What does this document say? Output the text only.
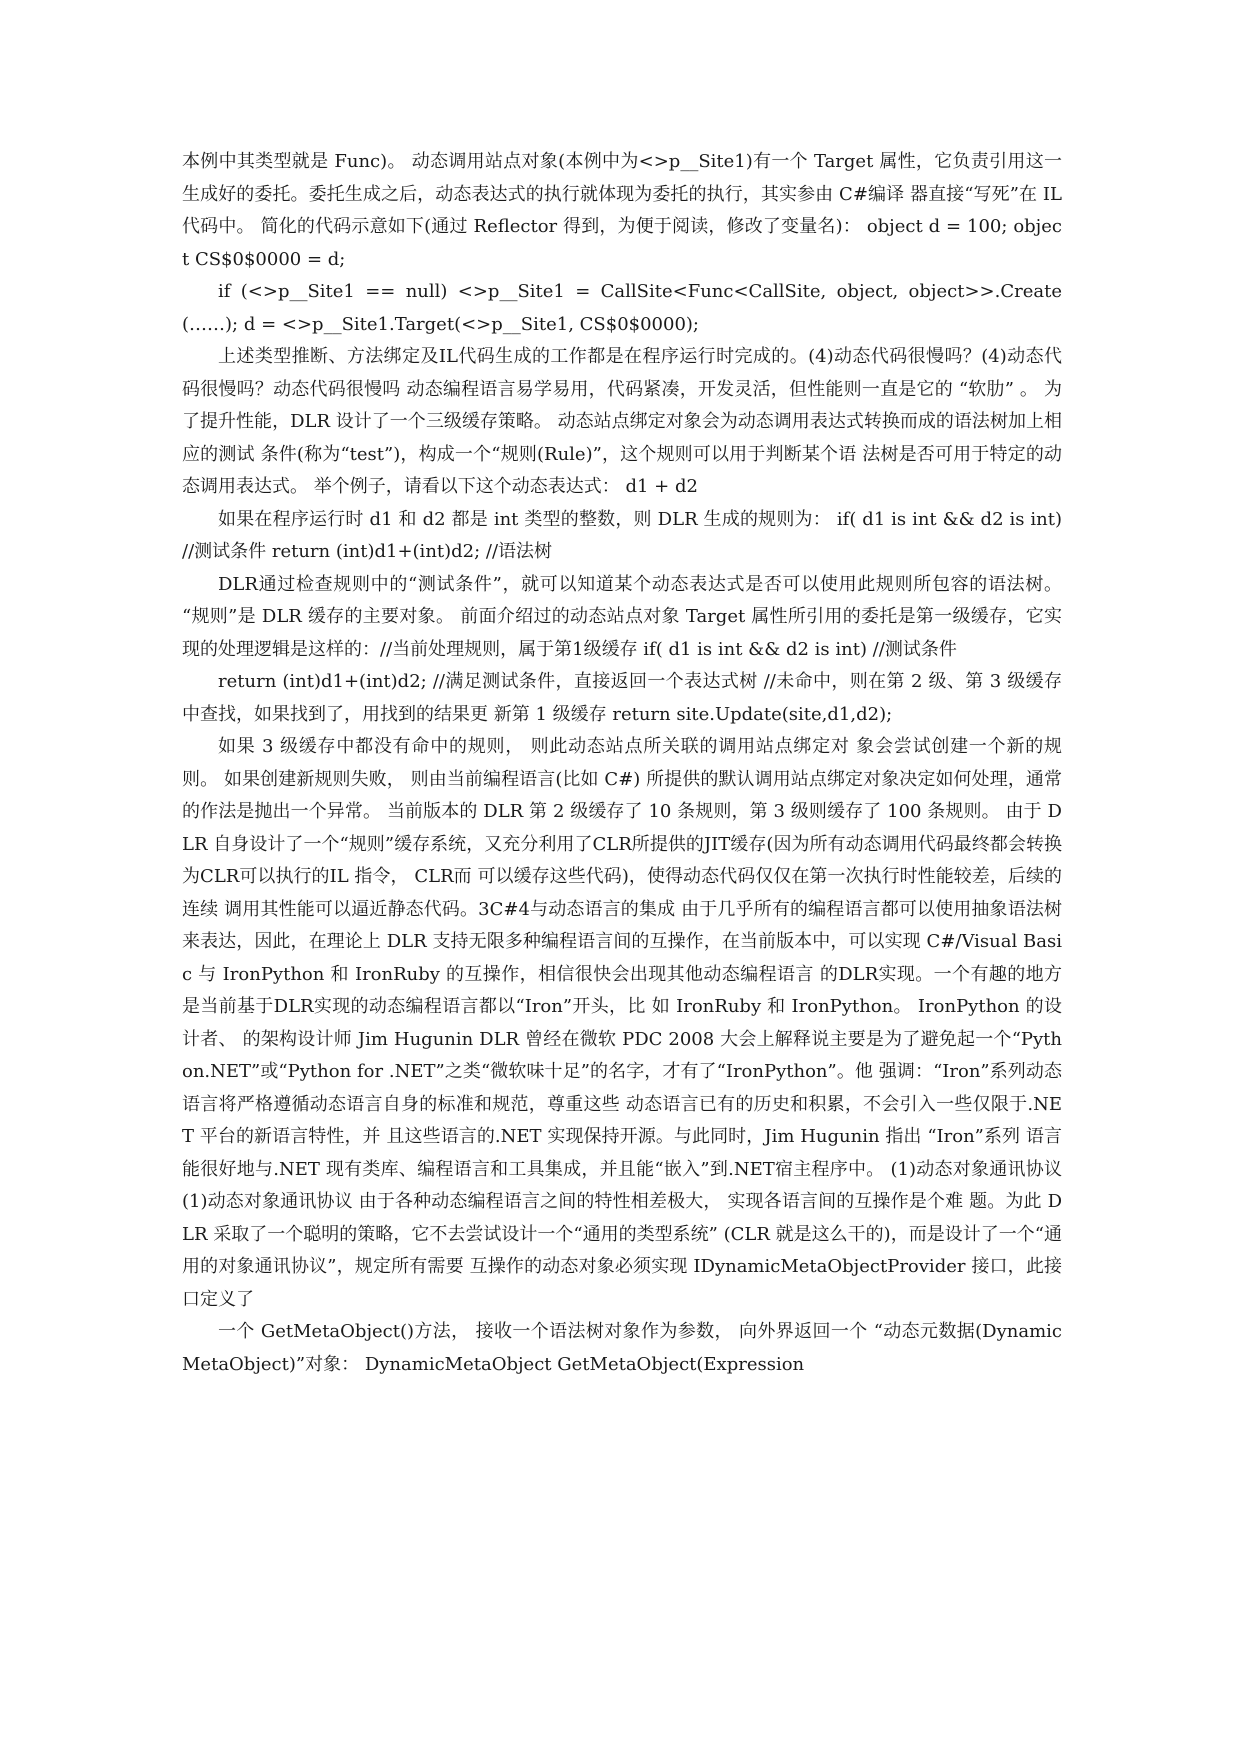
本例中其类型就是 Func)。 动态调用站点对象(本例中为<>p__Site1)有一个 Target 属性，它负责引用这一生成好的委托。委托生成之后，动态表达式的执行就体现为委托的执行，其实参由 C#编译 器直接“写死”在 IL 代码中。 简化的代码示意如下(通过 Reflector 得到，为便于阅读，修改了变量名)： object d = 100; object CS$0$0000 = d;

if (<>p__Site1 == null) <>p__Site1 = CallSite<Func<CallSite, object, object>>.Create (……); d = <>p__Site1.Target(<>p__Site1, CS$0$0000);

上述类型推断、方法绑定及IL代码生成的工作都是在程序运行时完成的。(4)动态代码很慢吗？(4)动态代码很慢吗？动态代码很慢吗 动态编程语言易学易用，代码紧凑，开发灵活，但性能则一直是它的 “软肋” 。 为了提升性能，DLR 设计了一个三级缓存策略。 动态站点绑定对象会为动态调用表达式转换而成的语法树加上相应的测试 条件(称为“test”)，构成一个“规则(Rule)”，这个规则可以用于判断某个语 法树是否可用于特定的动态调用表达式。 举个例子，请看以下这个动态表达式： d1 + d2

如果在程序运行时 d1 和 d2 都是 int 类型的整数，则 DLR 生成的规则为： if( d1 is int && d2 is int) //测试条件 return (int)d1+(int)d2; //语法树

DLR通过检查规则中的“测试条件”，就可以知道某个动态表达式是否可以使用此规则所包容的语法树。 “规则”是 DLR 缓存的主要对象。 前面介绍过的动态站点对象 Target 属性所引用的委托是第一级缓存，它实现的处理逻辑是这样的：//当前处理规则，属于第1级缓存 if( d1 is int && d2 is int) //测试条件

return (int)d1+(int)d2; //满足测试条件，直接返回一个表达式树 //未命中，则在第 2 级、第 3 级缓存中查找，如果找到了，用找到的结果更 新第 1 级缓存 return site.Update(site,d1,d2);

如果 3 级缓存中都没有命中的规则， 则此动态站点所关联的调用站点绑定对 象会尝试创建一个新的规则。 如果创建新规则失败， 则由当前编程语言(比如 C#) 所提供的默认调用站点绑定对象决定如何处理，通常的作法是抛出一个异常。 当前版本的 DLR 第 2 级缓存了 10 条规则，第 3 级则缓存了 100 条规则。 由于 DLR 自身设计了一个“规则”缓存系统，又充分利用了CLR所提供的JIT缓存(因为所有动态调用代码最终都会转换为CLR可以执行的IL 指令， CLR而 可以缓存这些代码)，使得动态代码仅仅在第一次执行时性能较差，后续的连续 调用其性能可以逼近静态代码。3C#4与动态语言的集成 由于几乎所有的编程语言都可以使用抽象语法树来表达，因此，在理论上 DLR 支持无限多种编程语言间的互操作，在当前版本中，可以实现 C#/Visual Basic 与 IronPython 和 IronRuby 的互操作，相信很快会出现其他动态编程语言 的DLR实现。一个有趣的地方是当前基于DLR实现的动态编程语言都以“Iron”开头，比 如 IronRuby 和 IronPython。 IronPython 的设计者、 的架构设计师 Jim Hugunin DLR 曾经在微软 PDC 2008 大会上解释说主要是为了避免起一个“Python.NET”或“Python for .NET”之类“微软味十足”的名字，才有了“IronPython”。他 强调：“Iron”系列动态语言将严格遵循动态语言自身的标准和规范，尊重这些 动态语言已有的历史和积累，不会引入一些仅限于.NET 平台的新语言特性，并 且这些语言的.NET 实现保持开源。与此同时，Jim Hugunin 指出 “Iron”系列 语言能很好地与.NET 现有类库、编程语言和工具集成，并且能“嵌入”到.NET宿主程序中。 (1)动态对象通讯协议 (1)动态对象通讯协议 由于各种动态编程语言之间的特性相差极大， 实现各语言间的互操作是个难 题。为此 DLR 采取了一个聪明的策略，它不去尝试设计一个“通用的类型系统” (CLR 就是这么干的)，而是设计了一个“通用的对象通讯协议”，规定所有需要 互操作的动态对象必须实现 IDynamicMetaObjectProvider 接口，此接口定义了

一个 GetMetaObject()方法， 接收一个语法树对象作为参数， 向外界返回一个 “动态元数据(DynamicMetaObject)”对象： DynamicMetaObject GetMetaObject(Expression
